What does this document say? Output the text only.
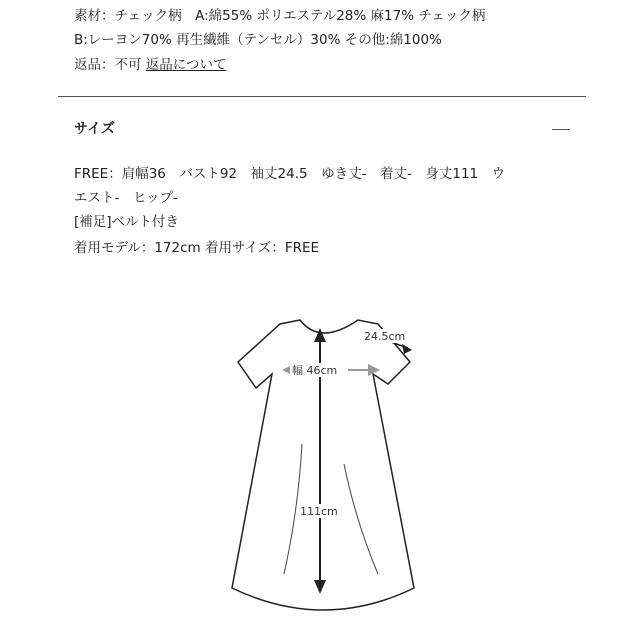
素材：チェック柄　A:綿55% ポリエステル28% 麻17% チェック柄
B:レーヨン70% 再生繊維（テンセル）30% その他:綿100%
返品：不可 返品について
サイズ
FREE：肩幅36　バスト92　袖丈24.5　ゆき丈-　着丈-　身丈111　ウ
エスト-　ヒップ-
[補足]ベルト付き
着用モデル：172cm 着用サイズ：FREE
24.5cm
幅 46cm
111cm
